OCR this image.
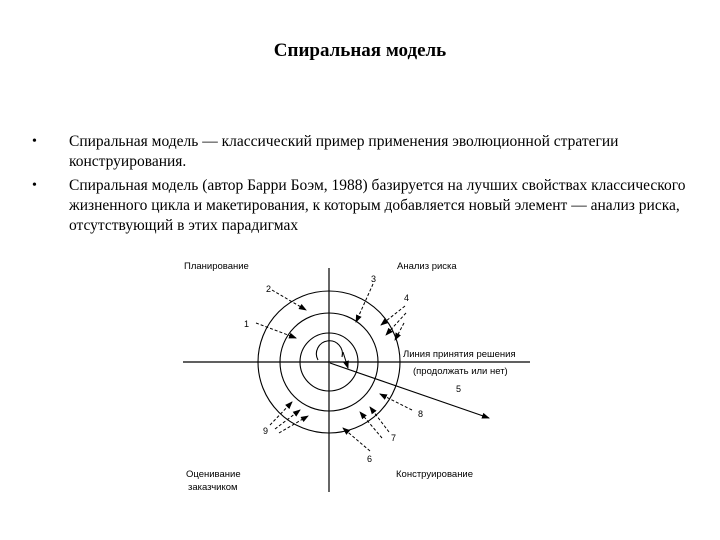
Спиральная модель
• Спиральная модель — классический пример применения эволюционной стратегии конструирования.
• Спиральная модель (автор Барри Боэм, 1988) базируется на лучших свойствах классического жизненного цикла и макетирования, к которым добавляется новый элемент — анализ риска, отсутствующий в этих парадигмах
Планирование	Анализ риска
Оценивание
заказчиком
Конструирование
Линия принятия решения
(продолжать или нет)
1
2
3
4
5
6
7
8
9
